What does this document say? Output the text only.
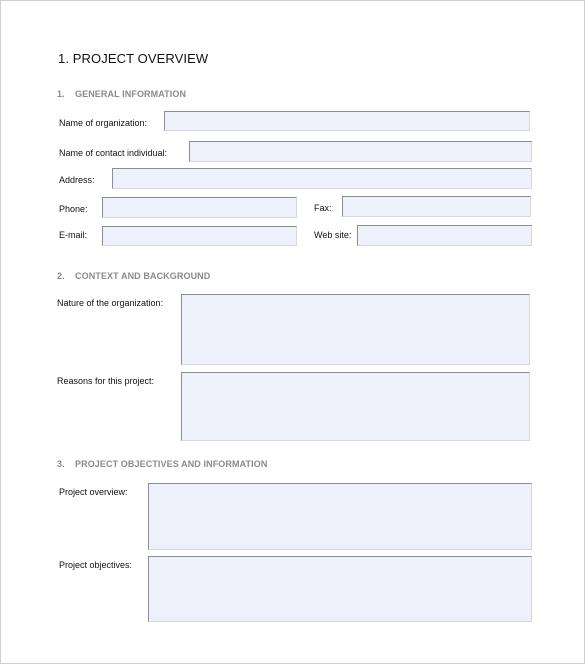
1. PROJECT OVERVIEW
1. GENERAL INFORMATION
Name of organization:
Name of contact individual:
Address:
Phone:	Fax:
E-mail:	Web site:
2. CONTEXT AND BACKGROUND
Nature of the organization:
Reasons for this project:
3. PROJECT OBJECTIVES AND INFORMATION
Project overview:
Project objectives:
